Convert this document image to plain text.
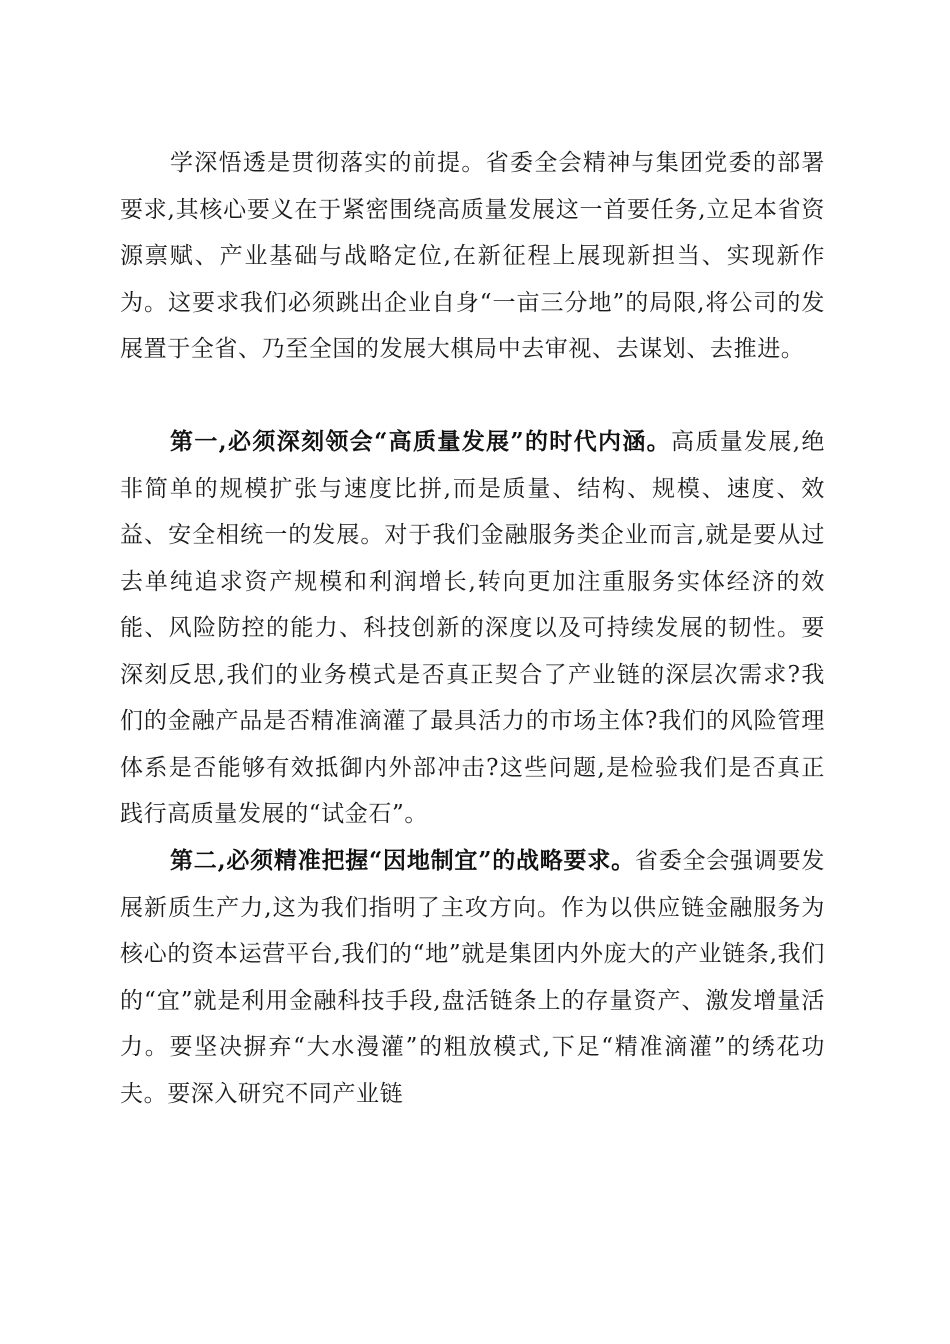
学深悟透是贯彻落实的前提。省委全会精神与集团党委的部署要求,其核心要义在于紧密围绕高质量发展这一首要任务,立足本省资源禀赋、产业基础与战略定位,在新征程上展现新担当、实现新作为。这要求我们必须跳出企业自身“一亩三分地”的局限,将公司的发展置于全省、乃至全国的发展大棋局中去审视、去谋划、去推进。

第一,必须深刻领会“高质量发展”的时代内涵。高质量发展,绝非简单的规模扩张与速度比拼,而是质量、结构、规模、速度、效益、安全相统一的发展。对于我们金融服务类企业而言,就是要从过去单纯追求资产规模和利润增长,转向更加注重服务实体经济的效能、风险防控的能力、科技创新的深度以及可持续发展的韧性。要深刻反思,我们的业务模式是否真正契合了产业链的深层次需求?我们的金融产品是否精准滴灌了最具活力的市场主体?我们的风险管理体系是否能够有效抵御内外部冲击?这些问题,是检验我们是否真正践行高质量发展的“试金石”。

第二,必须精准把握“因地制宜”的战略要求。省委全会强调要发展新质生产力,这为我们指明了主攻方向。作为以供应链金融服务为核心的资本运营平台,我们的“地”就是集团内外庞大的产业链条,我们的“宜”就是利用金融科技手段,盘活链条上的存量资产、激发增量活力。要坚决摒弃“大水漫灌”的粗放模式,下足“精准滴灌”的绣花功夫。要深入研究不同产业链
